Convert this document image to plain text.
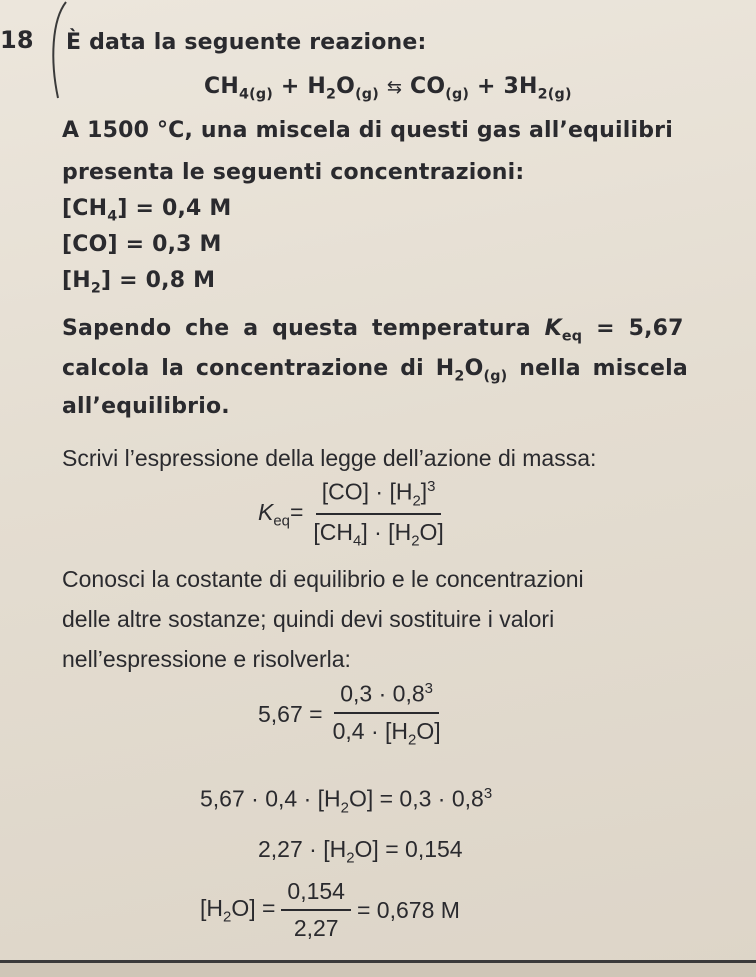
18 È data la seguente reazione:
$CH_{4(g)} + H_2O_{(g)}$ ⇆ $CO_{(g)} + 3H_{2(g)}$
A 1500 °C, una miscela di questi gas all’equilibri
presenta le seguenti concentrazioni:
$[CH_4] = 0,4$ M
[CO] = 0,3 M
$[H_2] = 0,8$ M
Sapendo che a questa temperatura $K_{eq} = 5,67$
calcola la concentrazione di $H_2O_{(g)}$ nella miscela
all’equilibrio.
Scrivi l’espressione della legge dell’azione di massa:
$K_{eq}= \frac{[CO] \cdot [H_2]^3}{[CH_4] \cdot [H_2O]}$
Conosci la costante di equilibrio e le concentrazioni
delle altre sostanze; quindi devi sostituire i valori
nell’espressione e risolverla:
$5,67 = \frac{0,3 \cdot 0,8^3}{0,4 \cdot [H_2O]}$
$5,67 \cdot 0,4 \cdot [H_2O] = 0,3 \cdot 0,8^3$
$2,27 \cdot [H_2O] = 0,154$
$[H_2O] = \frac{0,154}{2,27} = 0,678$ M
